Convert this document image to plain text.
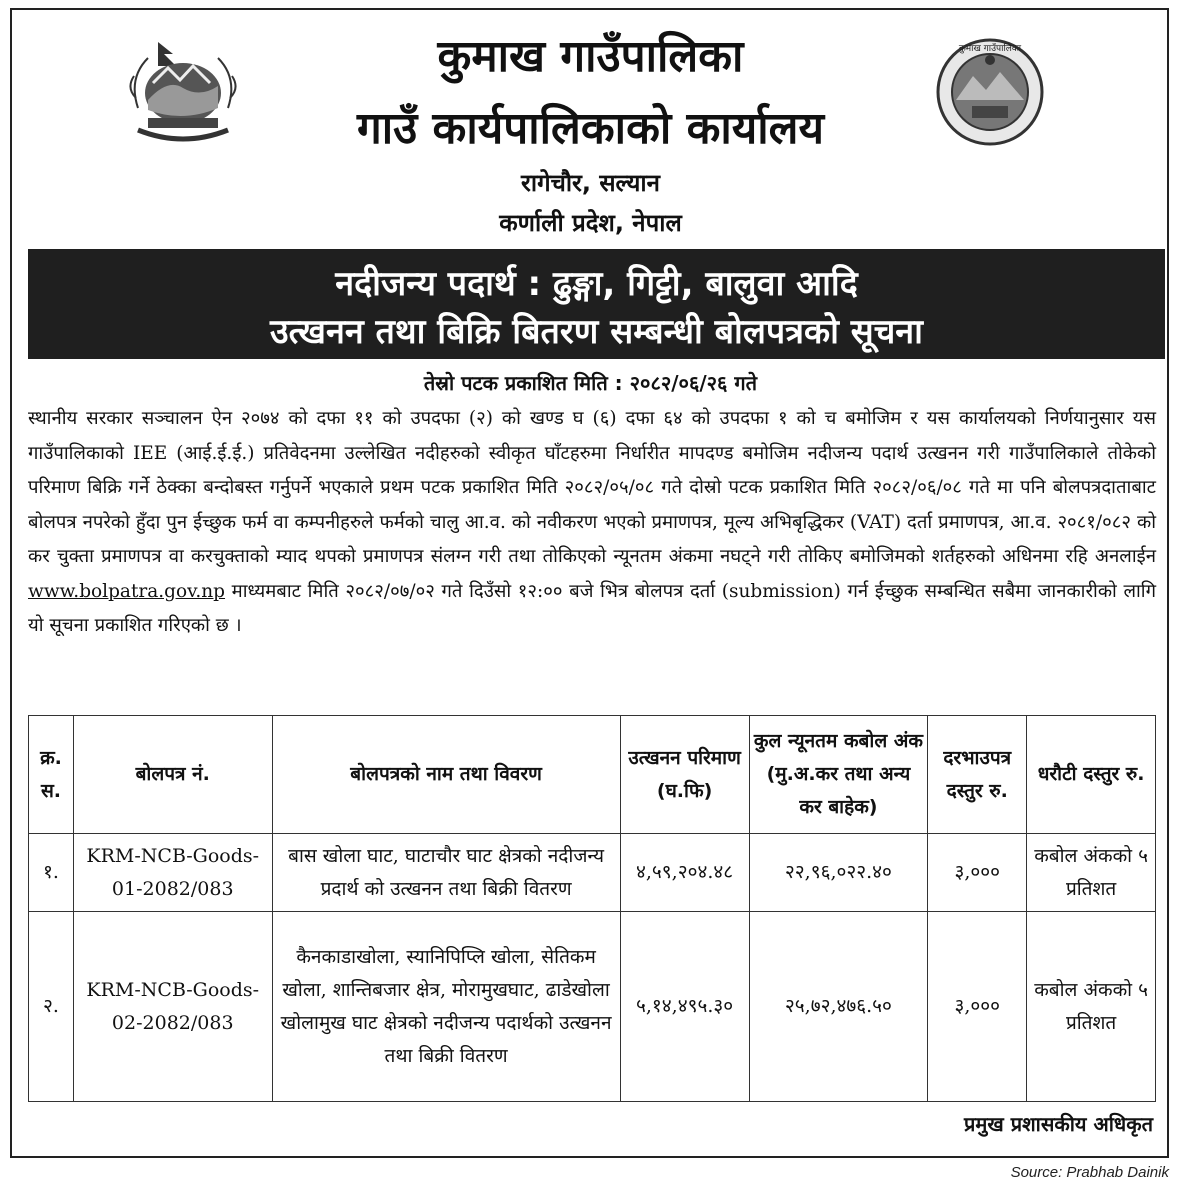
कुमाख गाउँपालिका
कुमाख गाउँपालिका
गाउँ कार्यपालिकाको कार्यालय
रागेचौर, सल्यान
कर्णाली प्रदेश, नेपाल
नदीजन्य पदार्थ : ढुङ्गा, गिट्टी, बालुवा आदि
उत्खनन तथा बिक्रि बितरण सम्बन्धी बोलपत्रको सूचना
तेस्रो पटक प्रकाशित मिति : २०८२/०६/२६ गते
स्थानीय सरकार सञ्चालन ऐन २०७४ को दफा ११ को उपदफा (२) को खण्ड घ (६) दफा ६४ को उपदफा १ को च बमोजिम र यस कार्यालयको निर्णयानुसार यस गाउँपालिकाको IEE (आई.ई.ई.) प्रतिवेदनमा उल्लेखित नदीहरुको स्वीकृत घाँटहरुमा निर्धारीत मापदण्ड बमोजिम नदीजन्य पदार्थ उत्खनन गरी गाउँपालिकाले तोकेको परिमाण बिक्रि गर्ने ठेक्का बन्दोबस्त गर्नुपर्ने भएकाले प्रथम पटक प्रकाशित मिति २०८२/०५/०८ गते दोस्रो पटक प्रकाशित मिति २०८२/०६/०८ गते मा पनि बोलपत्रदाताबाट बोलपत्र नपरेको हुँदा पुन ईच्छुक फर्म वा कम्पनीहरुले फर्मको चालु आ.व. को नवीकरण भएको प्रमाणपत्र, मूल्य अभिबृद्धिकर (VAT) दर्ता प्रमाणपत्र, आ.व. २०८१/०८२ को कर चुक्ता प्रमाणपत्र वा करचुक्ताको म्याद थपको प्रमाणपत्र संलग्न गरी तथा तोकिएको न्यूनतम अंकमा नघट्ने गरी तोकिए बमोजिमको शर्तहरुको अधिनमा रहि अनलाईन www.bolpatra.gov.np माध्यमबाट मिति २०८२/०७/०२ गते दिउँसो १२:०० बजे भित्र बोलपत्र दर्ता (submission) गर्न ईच्छुक सम्बन्धित सबैमा जानकारीको लागि यो सूचना प्रकाशित गरिएको छ ।
क्र. स.	बोलपत्र नं.	बोलपत्रको नाम तथा विवरण	उत्खनन परिमाण (घ.फि)	कुल न्यूनतम कबोल अंक (मु.अ.कर तथा अन्य कर बाहेक)	दरभाउपत्र दस्तुर रु.	धरौटी दस्तुर रु.
१.	KRM-NCB-Goods-01-2082/083	बास खोला घाट, घाटाचौर घाट क्षेत्रको नदीजन्य प्रदार्थ को उत्खनन तथा बिक्री वितरण	४,५९,२०४.४८	२२,९६,०२२.४०	३,०००	कबोल अंकको ५ प्रतिशत
२.	KRM-NCB-Goods-02-2082/083	कैनकाडाखोला, स्यानिपिप्लि खोला, सेतिकम खोला, शान्तिबजार क्षेत्र, मोरामुखघाट, ढाडेखोला खोलामुख घाट क्षेत्रको नदीजन्य पदार्थको उत्खनन तथा बिक्री वितरण	५,१४,४९५.३०	२५,७२,४७६.५०	३,०००	कबोल अंकको ५ प्रतिशत
प्रमुख प्रशासकीय अधिकृत
Source: Prabhab Dainik
